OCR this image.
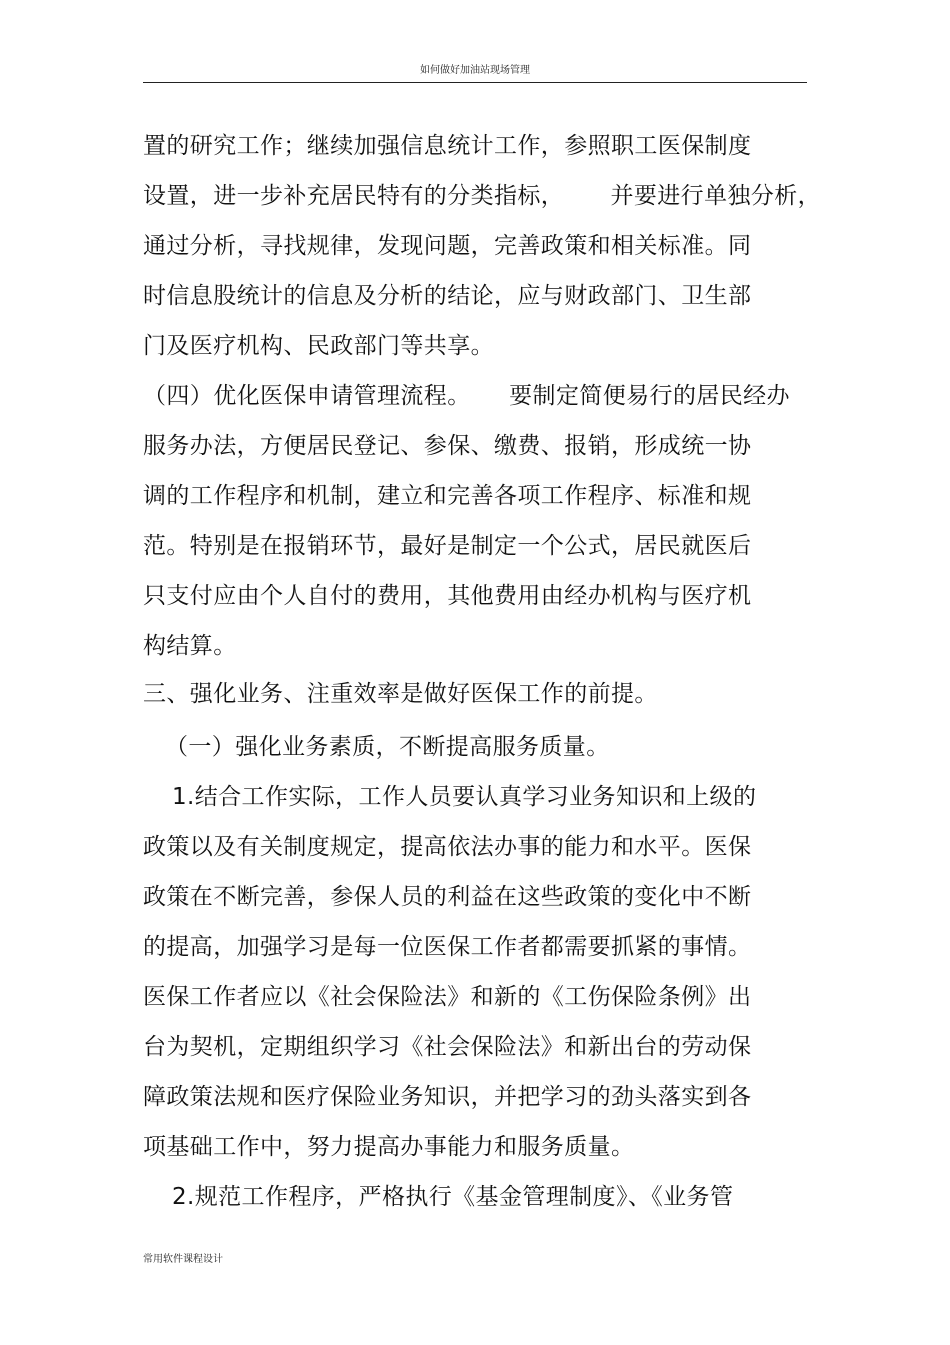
如何做好加油站现场管理
置的研究工作；继续加强信息统计工作，参照职工医保制度
设置，进一步补充居民特有的分类指标，      并要进行单独分析，
通过分析，寻找规律，发现问题，完善政策和相关标准。同
时信息股统计的信息及分析的结论，应与财政部门、卫生部
门及医疗机构、民政部门等共享。
（四）优化医保申请管理流程。     要制定简便易行的居民经办
服务办法，方便居民登记、参保、缴费、报销，形成统一协
调的工作程序和机制，建立和完善各项工作程序、标准和规
范。特别是在报销环节，最好是制定一个公式，居民就医后
只支付应由个人自付的费用，其他费用由经办机构与医疗机
构结算。
三、强化业务、注重效率是做好医保工作的前提。
（一）强化业务素质，不断提高服务质量。
1.结合工作实际，工作人员要认真学习业务知识和上级的
政策以及有关制度规定，提高依法办事的能力和水平。医保
政策在不断完善，参保人员的利益在这些政策的变化中不断
的提高，加强学习是每一位医保工作者都需要抓紧的事情。
医保工作者应以《社会保险法》和新的《工伤保险条例》出
台为契机，定期组织学习《社会保险法》和新出台的劳动保
障政策法规和医疗保险业务知识，并把学习的劲头落实到各
项基础工作中，努力提高办事能力和服务质量。
2.规范工作程序，严格执行《基金管理制度》、《业务管
常用软件课程设计
